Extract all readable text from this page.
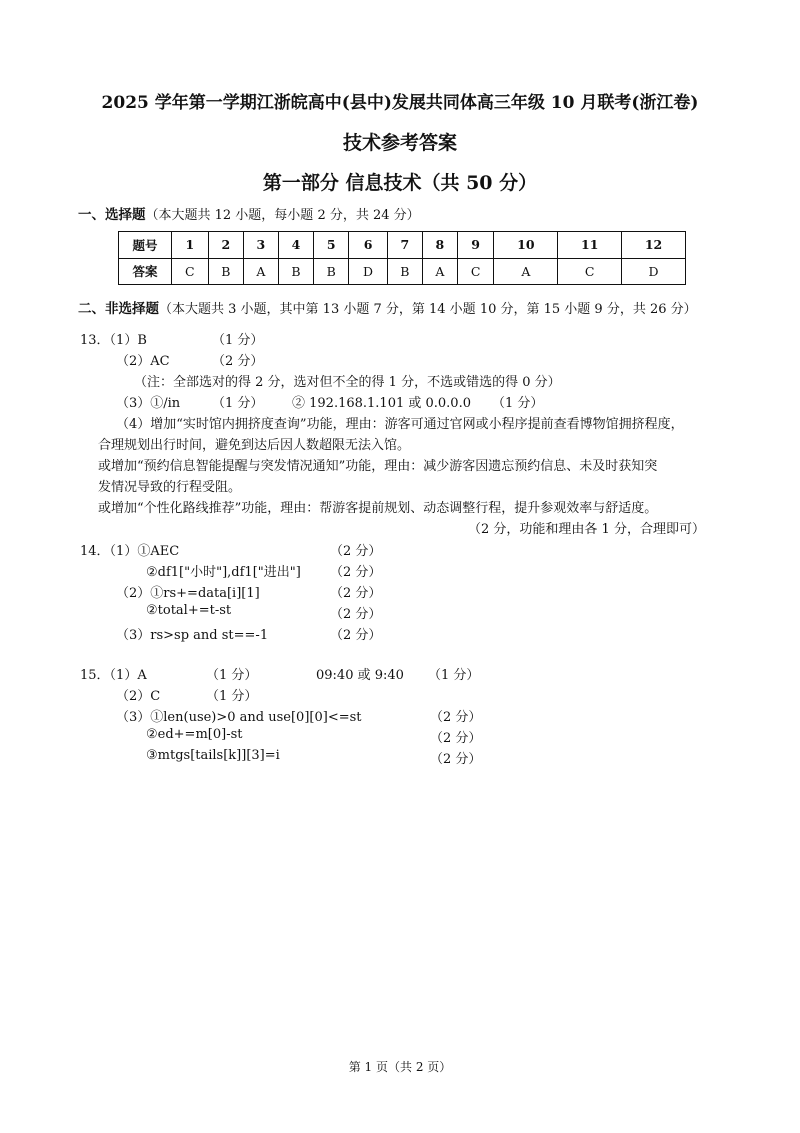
2025 学年第一学期江浙皖高中(县中)发展共同体高三年级 10 月联考(浙江卷)
技术参考答案
第一部分 信息技术（共 50 分）
一、选择题（本大题共 12 小题，每小题 2 分，共 24 分）
题号	1	2	3	4	5	6	7	8	9	10	11	12
答案	C	B	A	B	B	D	B	A	C	A	C	D
二、非选择题（本大题共 3 小题，其中第 13 小题 7 分，第 14 小题 10 分，第 15 小题 9 分，共 26 分）
13．（1）B	（1 分）
（2）AC	（2 分）
（注：全部选对的得 2 分，选对但不全的得 1 分，不选或错选的得 0 分）
（3）①/in （1 分） ② 192.168.1.101 或 0.0.0.0 （1 分）
（4）增加“实时馆内拥挤度查询”功能，理由：游客可通过官网或小程序提前查看博物馆拥挤程度，
合理规划出行时间，避免到达后因人数超限无法入馆。
或增加“预约信息智能提醒与突发情况通知”功能，理由：减少游客因遗忘预约信息、未及时获知突
发情况导致的行程受阻。
或增加“个性化路线推荐”功能，理由：帮游客提前规划、动态调整行程，提升参观效率与舒适度。
（2 分，功能和理由各 1 分，合理即可）
14．（1）①AEC	（2 分）
②df1["小时"],df1["进出"] （2 分）
（2）①rs+=data[i][1]	（2 分）
②total+=t-st	（2 分）
（3）rs>sp and st==-1	（2 分）
15．（1）A	（1 分）	09:40 或 9:40 （1 分）
（2）C	（1 分）
（3）①len(use)>0 and use[0][0]<=st	（2 分）
②ed+=m[0]-st	（2 分）
③mtgs[tails[k]][3]=i	（2 分）
第 1 页（共 2 页）
